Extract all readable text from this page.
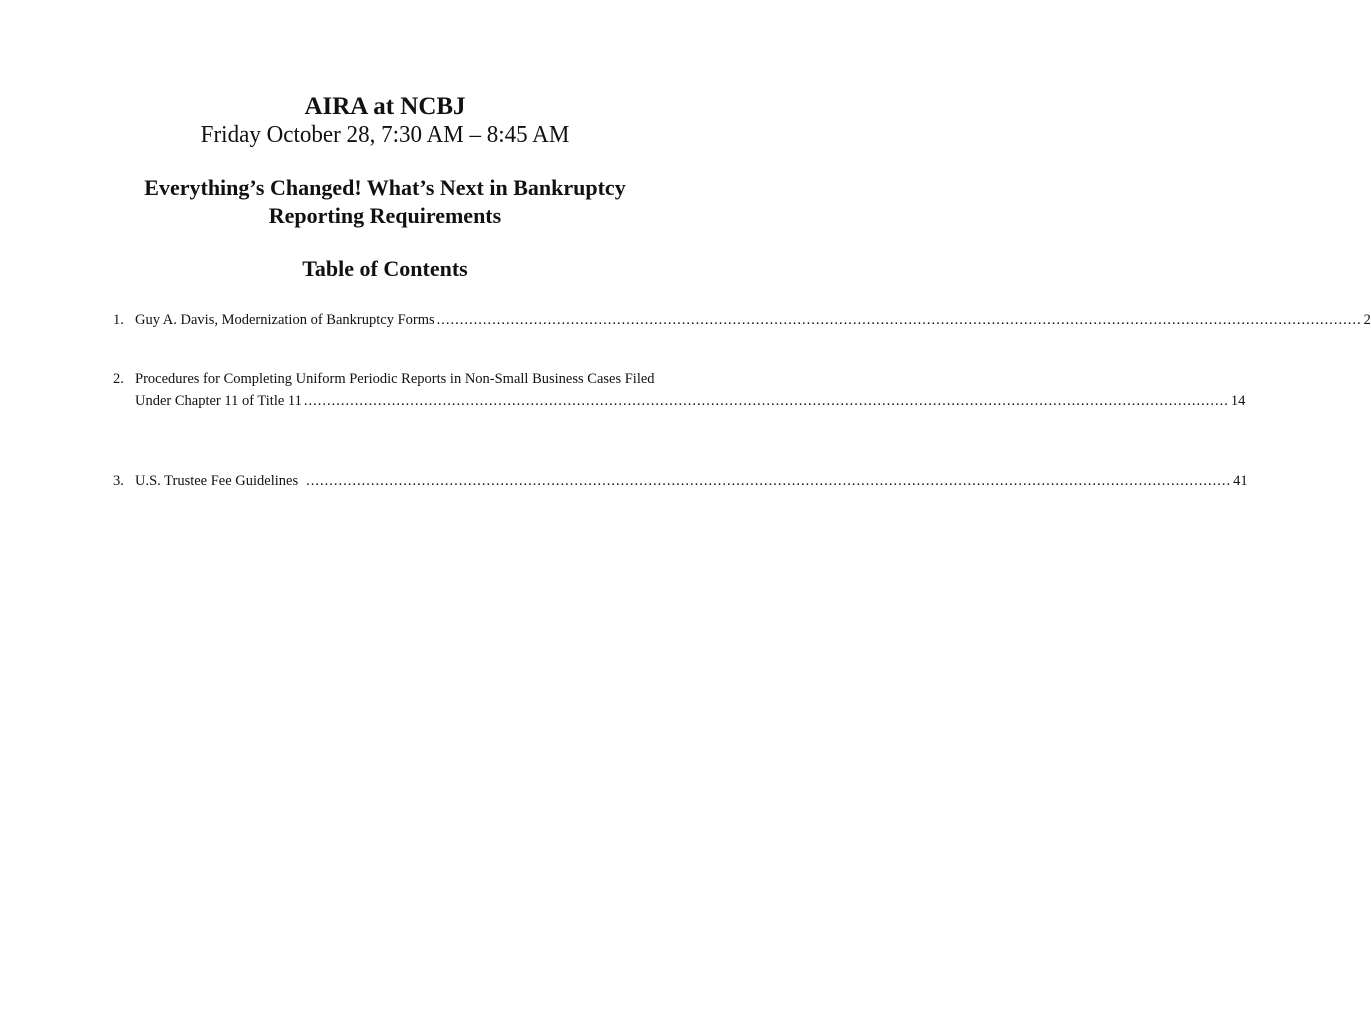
AIRA at NCBJ
Friday October 28, 7:30 AM – 8:45 AM
Everything’s Changed! What’s Next in Bankruptcy
Reporting Requirements
Table of Contents
1. Guy A. Davis, Modernization of Bankruptcy Forms ........................................................................................................................................................................................................ 2
2. Procedures for Completing Uniform Periodic Reports in Non-Small Business Cases Filed
Under Chapter 11 of Title 11 ........................................................................................................................................................................................................ 14
3. U.S. Trustee Fee Guidelines ........................................................................................................................................................................................................ 41
